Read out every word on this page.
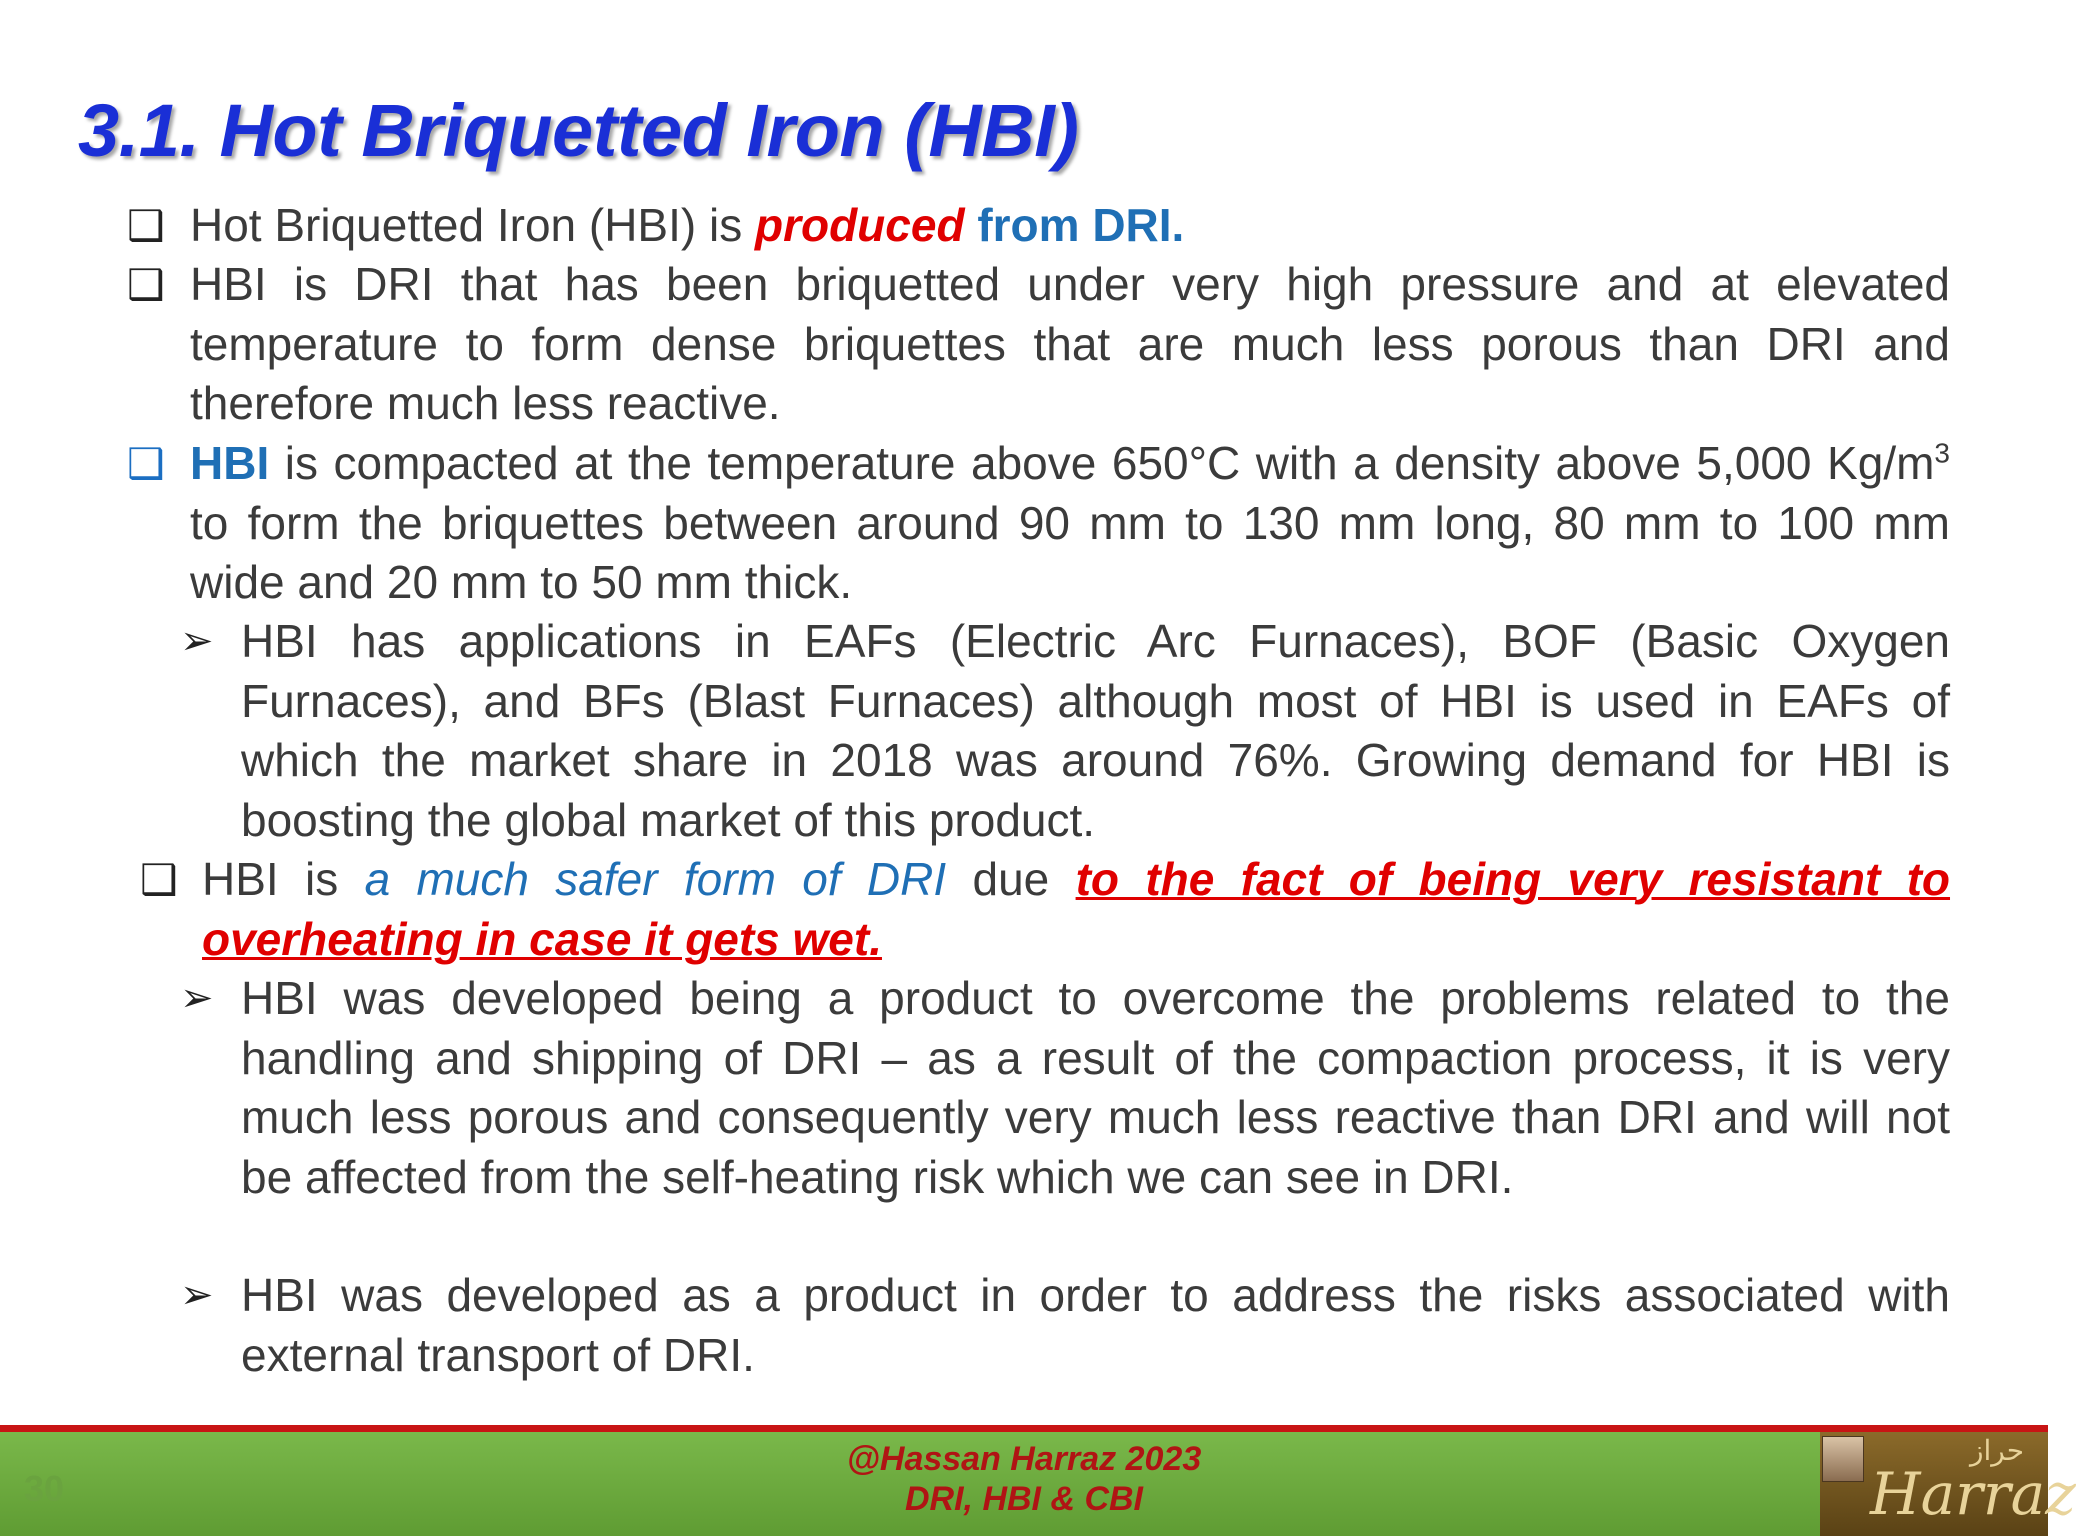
3.1. Hot Briquetted Iron (HBI)
❑ Hot Briquetted Iron (HBI) is produced from DRI.
❑ HBI is DRI that has been briquetted under very high pressure and at elevated temperature to form dense briquettes that are much less porous than DRI and therefore much less reactive.
❑ HBI is compacted at the temperature above 650°C with a density above 5,000 $Kg/m^3$ to form the briquettes between around 90 mm to 130 mm long, 80 mm to 100 mm wide and 20 mm to 50 mm thick.
➢ HBI has applications in EAFs (Electric Arc Furnaces), BOF (Basic Oxygen Furnaces), and BFs (Blast Furnaces) although most of HBI is used in EAFs of which the market share in 2018 was around 76%. Growing demand for HBI is boosting the global market of this product.
❑ HBI is a much safer form of DRI due to the fact of being very resistant to overheating in case it gets wet.
➢ HBI was developed being a product to overcome the problems related to the handling and shipping of DRI – as a result of the compaction process, it is very much less porous and consequently very much less reactive than DRI and will not be affected from the self-heating risk which we can see in DRI.
➢ HBI was developed as a product in order to address the risks associated with external transport of DRI.
30
@Hassan Harraz 2023
DRI, HBI & CBI
حراز
Harraz
